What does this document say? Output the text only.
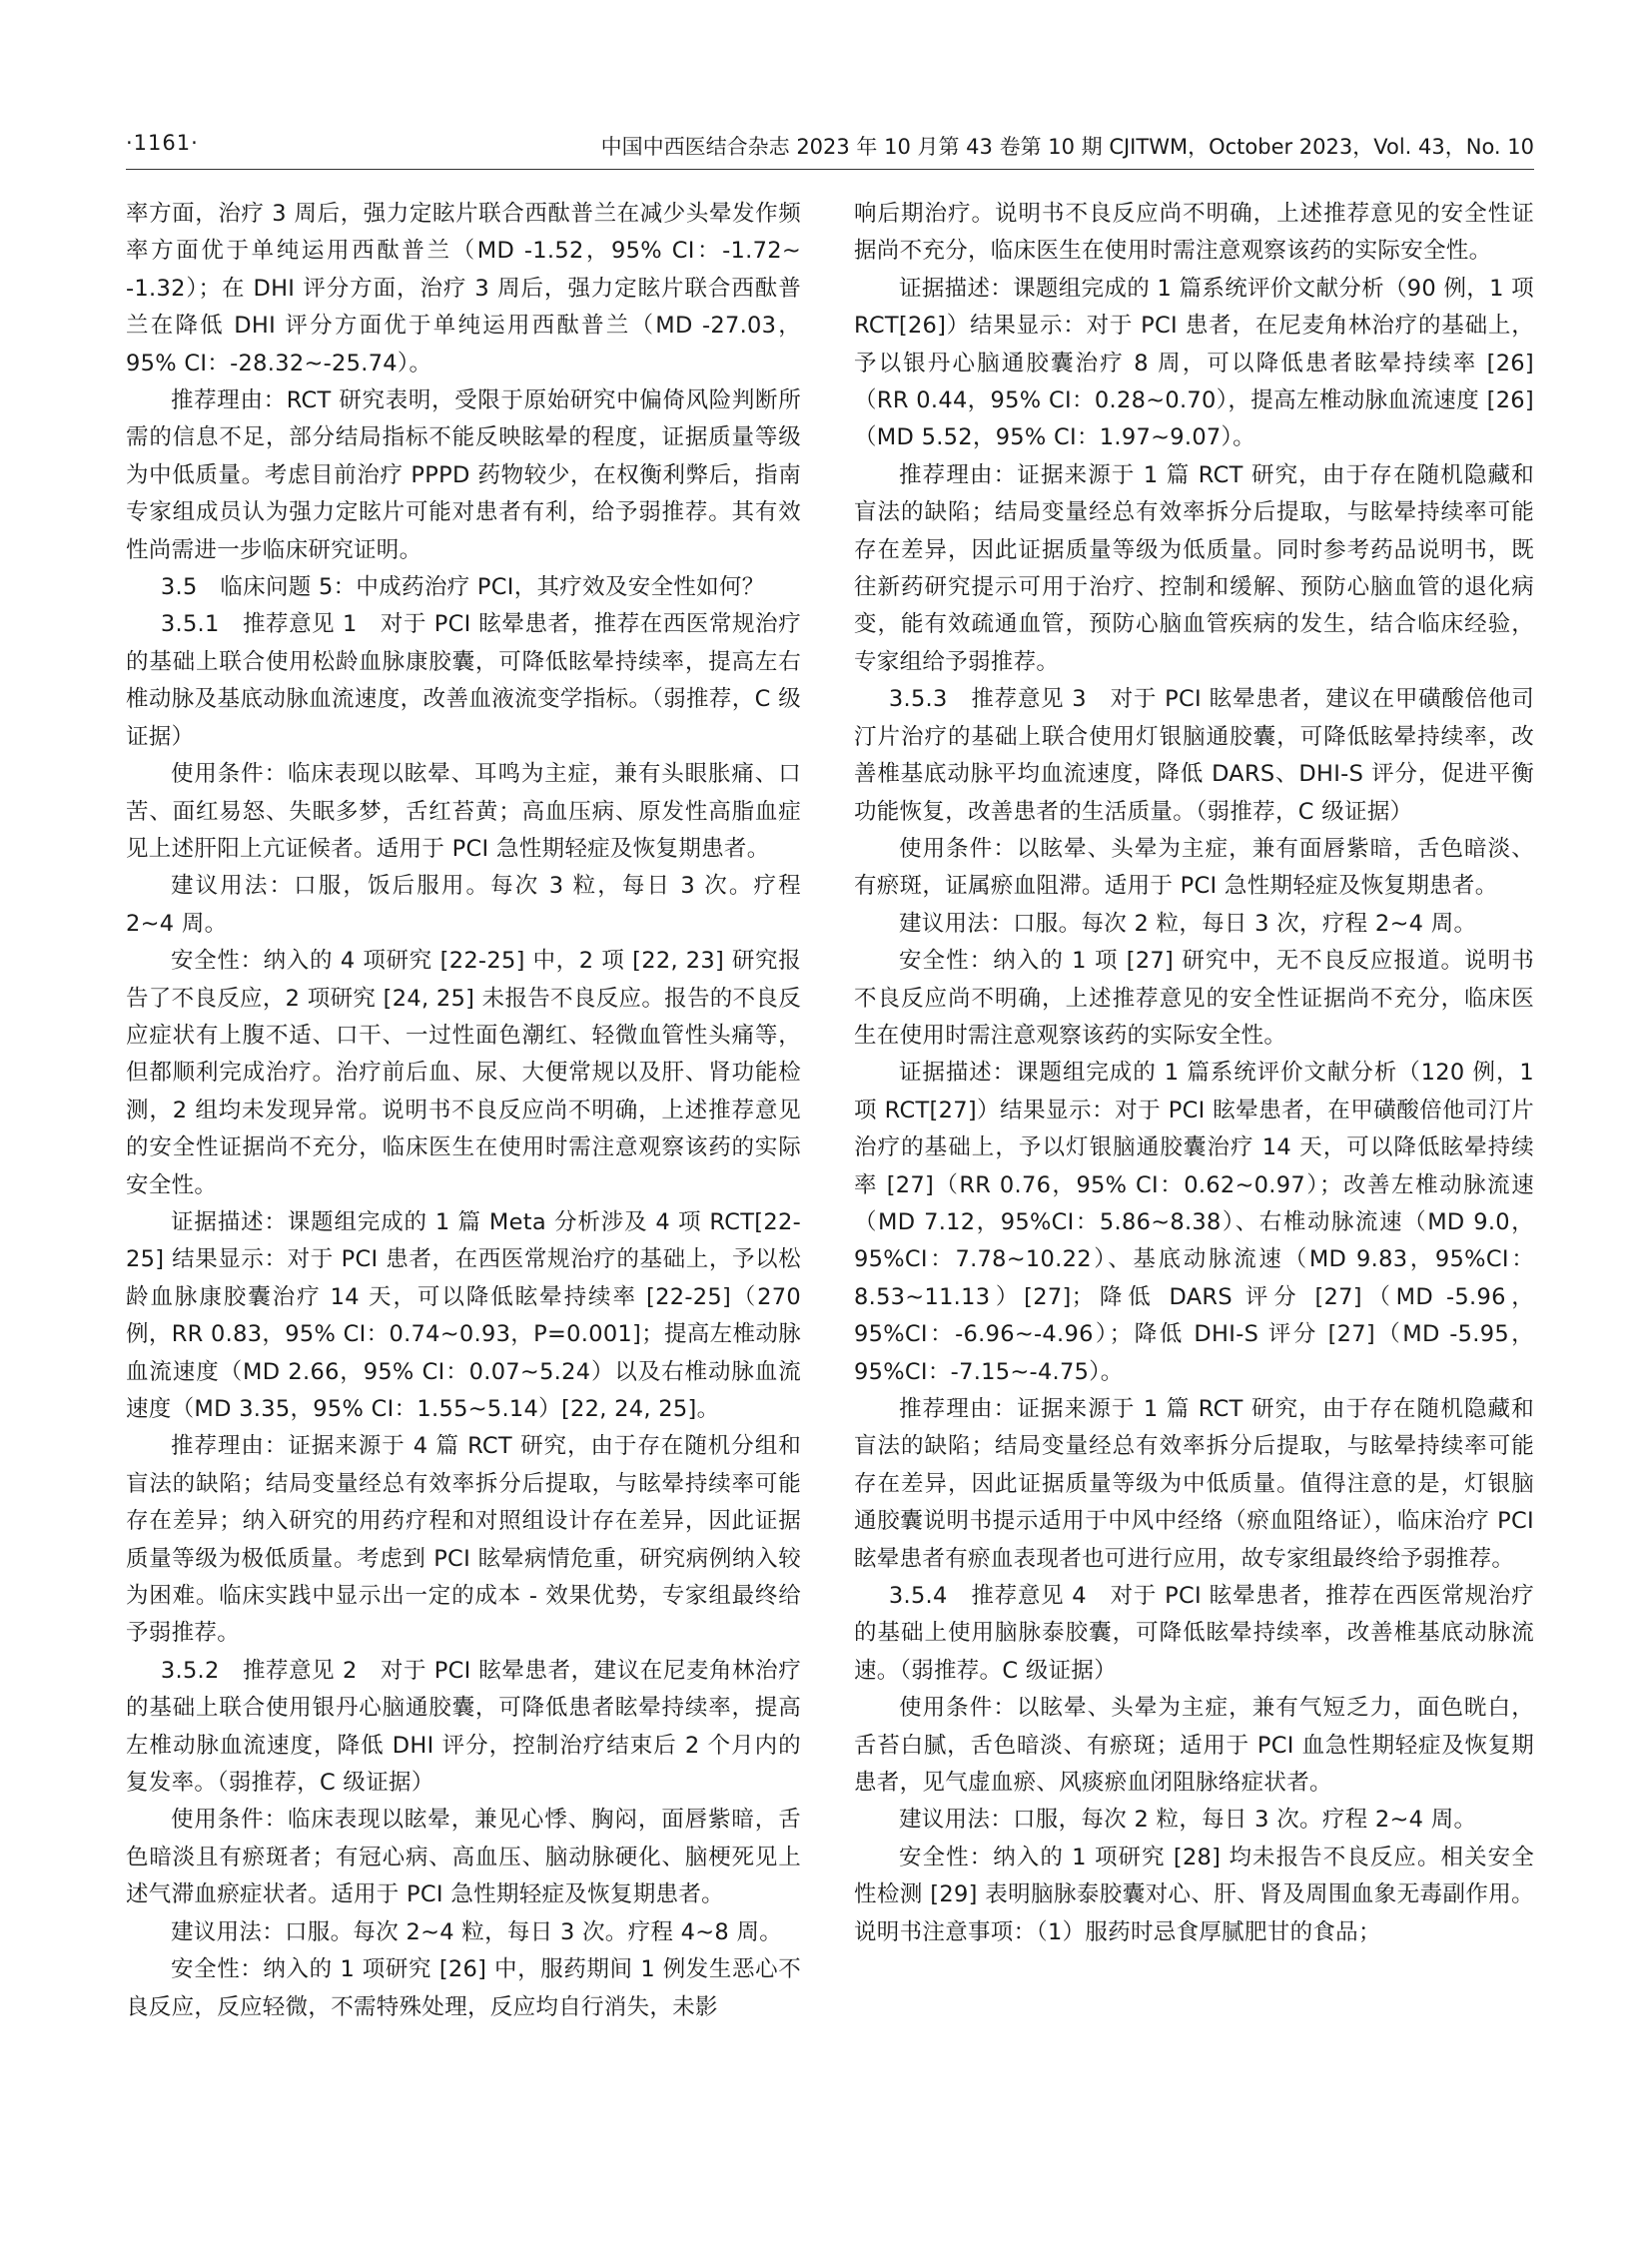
·1161·	中国中西医结合杂志 2023 年 10 月第 43 卷第 10 期 CJITWM，October 2023，Vol. 43，No. 10

率方面，治疗 3 周后，强力定眩片联合西酞普兰在减少头晕发作频率方面优于单纯运用西酞普兰（MD -1.52，95% CI：-1.72~ -1.32）；在 DHI 评分方面，治疗 3 周后，强力定眩片联合西酞普兰在降低 DHI 评分方面优于单纯运用西酞普兰（MD -27.03，95% CI：-28.32~-25.74）。

推荐理由：RCT 研究表明，受限于原始研究中偏倚风险判断所需的信息不足，部分结局指标不能反映眩晕的程度，证据质量等级为中低质量。考虑目前治疗 PPPD 药物较少，在权衡利弊后，指南专家组成员认为强力定眩片可能对患者有利，给予弱推荐。其有效性尚需进一步临床研究证明。

3.5　临床问题 5：中成药治疗 PCI，其疗效及安全性如何？

3.5.1　推荐意见 1　对于 PCI 眩晕患者，推荐在西医常规治疗的基础上联合使用松龄血脉康胶囊，可降低眩晕持续率，提高左右椎动脉及基底动脉血流速度，改善血液流变学指标。（弱推荐，C 级证据）

使用条件：临床表现以眩晕、耳鸣为主症，兼有头眼胀痛、口苦、面红易怒、失眠多梦，舌红苔黄；高血压病、原发性高脂血症见上述肝阳上亢证候者。适用于 PCI 急性期轻症及恢复期患者。

建议用法：口服，饭后服用。每次 3 粒，每日 3 次。疗程 2~4 周。

安全性：纳入的 4 项研究 [22-25] 中，2 项 [22, 23] 研究报告了不良反应，2 项研究 [24, 25] 未报告不良反应。报告的不良反应症状有上腹不适、口干、一过性面色潮红、轻微血管性头痛等，但都顺利完成治疗。治疗前后血、尿、大便常规以及肝、肾功能检测，2 组均未发现异常。说明书不良反应尚不明确，上述推荐意见的安全性证据尚不充分，临床医生在使用时需注意观察该药的实际安全性。

证据描述：课题组完成的 1 篇 Meta 分析涉及 4 项 RCT[22-25] 结果显示：对于 PCI 患者，在西医常规治疗的基础上，予以松龄血脉康胶囊治疗 14 天，可以降低眩晕持续率 [22-25]（270 例，RR 0.83，95% CI：0.74~0.93，P=0.001]；提高左椎动脉血流速度（MD 2.66，95% CI：0.07~5.24）以及右椎动脉血流速度（MD 3.35，95% CI：1.55~5.14）[22, 24, 25]。

推荐理由：证据来源于 4 篇 RCT 研究，由于存在随机分组和盲法的缺陷；结局变量经总有效率拆分后提取，与眩晕持续率可能存在差异；纳入研究的用药疗程和对照组设计存在差异，因此证据质量等级为极低质量。考虑到 PCI 眩晕病情危重，研究病例纳入较为困难。临床实践中显示出一定的成本 - 效果优势，专家组最终给予弱推荐。

3.5.2　推荐意见 2　对于 PCI 眩晕患者，建议在尼麦角林治疗的基础上联合使用银丹心脑通胶囊，可降低患者眩晕持续率，提高左椎动脉血流速度，降低 DHI 评分，控制治疗结束后 2 个月内的复发率。（弱推荐，C 级证据）

使用条件：临床表现以眩晕，兼见心悸、胸闷，面唇紫暗，舌色暗淡且有瘀斑者；有冠心病、高血压、脑动脉硬化、脑梗死见上述气滞血瘀症状者。适用于 PCI 急性期轻症及恢复期患者。

建议用法：口服。每次 2~4 粒，每日 3 次。疗程 4~8 周。

安全性：纳入的 1 项研究 [26] 中，服药期间 1 例发生恶心不良反应，反应轻微，不需特殊处理，反应均自行消失，未影

响后期治疗。说明书不良反应尚不明确，上述推荐意见的安全性证据尚不充分，临床医生在使用时需注意观察该药的实际安全性。

证据描述：课题组完成的 1 篇系统评价文献分析（90 例，1 项 RCT[26]）结果显示：对于 PCI 患者，在尼麦角林治疗的基础上，予以银丹心脑通胶囊治疗 8 周，可以降低患者眩晕持续率 [26]（RR 0.44，95% CI：0.28~0.70），提高左椎动脉血流速度 [26]（MD 5.52，95% CI：1.97~9.07）。

推荐理由：证据来源于 1 篇 RCT 研究，由于存在随机隐藏和盲法的缺陷；结局变量经总有效率拆分后提取，与眩晕持续率可能存在差异，因此证据质量等级为低质量。同时参考药品说明书，既往新药研究提示可用于治疗、控制和缓解、预防心脑血管的退化病变，能有效疏通血管，预防心脑血管疾病的发生，结合临床经验，专家组给予弱推荐。

3.5.3　推荐意见 3　对于 PCI 眩晕患者，建议在甲磺酸倍他司汀片治疗的基础上联合使用灯银脑通胶囊，可降低眩晕持续率，改善椎基底动脉平均血流速度，降低 DARS、DHI-S 评分，促进平衡功能恢复，改善患者的生活质量。（弱推荐，C 级证据）

使用条件：以眩晕、头晕为主症，兼有面唇紫暗，舌色暗淡、有瘀斑，证属瘀血阻滞。适用于 PCI 急性期轻症及恢复期患者。

建议用法：口服。每次 2 粒，每日 3 次，疗程 2~4 周。

安全性：纳入的 1 项 [27] 研究中，无不良反应报道。说明书不良反应尚不明确，上述推荐意见的安全性证据尚不充分，临床医生在使用时需注意观察该药的实际安全性。

证据描述：课题组完成的 1 篇系统评价文献分析（120 例，1 项 RCT[27]）结果显示：对于 PCI 眩晕患者，在甲磺酸倍他司汀片治疗的基础上，予以灯银脑通胶囊治疗 14 天，可以降低眩晕持续率 [27]（RR 0.76，95% CI：0.62~0.97）；改善左椎动脉流速（MD 7.12，95%CI：5.86~8.38）、右椎动脉流速（MD 9.0，95%CI：7.78~10.22）、基底动脉流速（MD 9.83，95%CI：8.53~11.13）[27]；降低 DARS 评分 [27]（MD -5.96，95%CI：-6.96~-4.96）；降低 DHI-S 评分 [27]（MD -5.95，95%CI：-7.15~-4.75）。

推荐理由：证据来源于 1 篇 RCT 研究，由于存在随机隐藏和盲法的缺陷；结局变量经总有效率拆分后提取，与眩晕持续率可能存在差异，因此证据质量等级为中低质量。值得注意的是，灯银脑通胶囊说明书提示适用于中风中经络（瘀血阻络证），临床治疗 PCI 眩晕患者有瘀血表现者也可进行应用，故专家组最终给予弱推荐。

3.5.4　推荐意见 4　对于 PCI 眩晕患者，推荐在西医常规治疗的基础上使用脑脉泰胶囊，可降低眩晕持续率，改善椎基底动脉流速。（弱推荐。C 级证据）

使用条件：以眩晕、头晕为主症，兼有气短乏力，面色晄白，舌苔白腻，舌色暗淡、有瘀斑；适用于 PCI 血急性期轻症及恢复期患者，见气虚血瘀、风痰瘀血闭阻脉络症状者。

建议用法：口服，每次 2 粒，每日 3 次。疗程 2~4 周。

安全性：纳入的 1 项研究 [28] 均未报告不良反应。相关安全性检测 [29] 表明脑脉泰胶囊对心、肝、肾及周围血象无毒副作用。说明书注意事项：（1）服药时忌食厚腻肥甘的食品；
